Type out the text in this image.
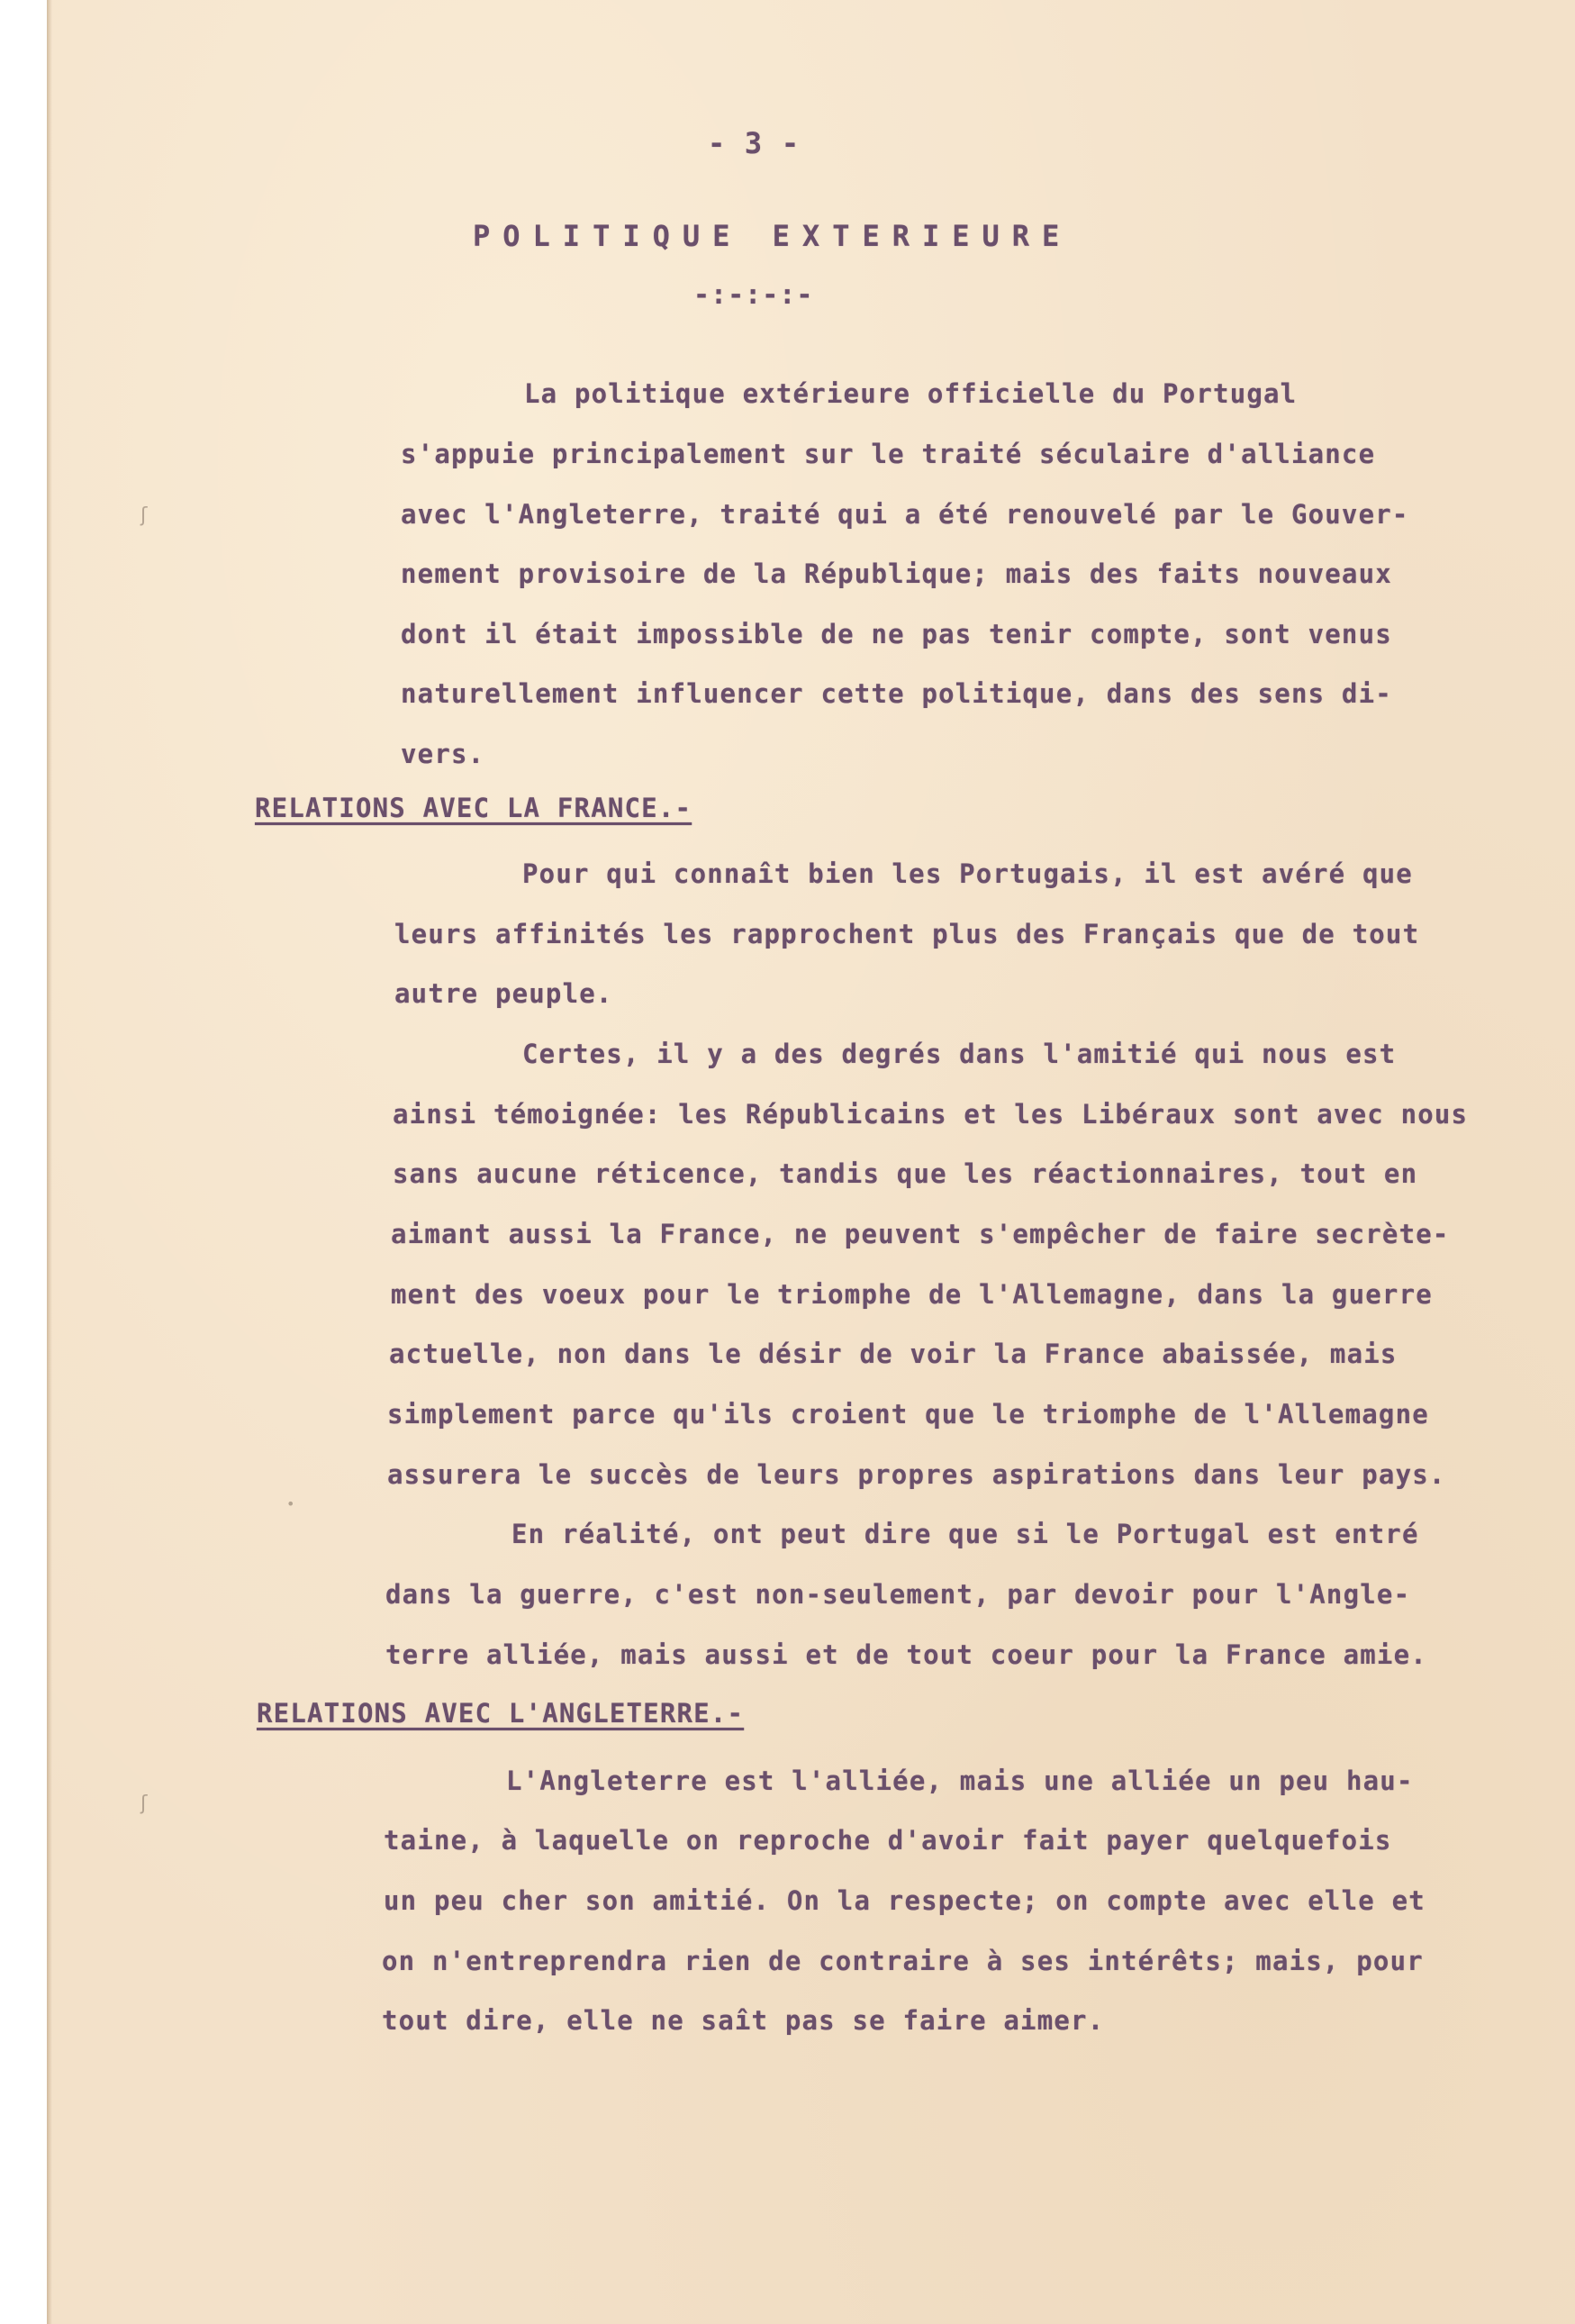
ʃ
•
ʃ
- 3 -
POLITIQUE EXTERIEURE
-:-:-:-
La politique extérieure officielle du Portugal
s'appuie principalement sur le traité séculaire d'alliance
avec l'Angleterre, traité qui a été renouvelé par le Gouver-
nement provisoire de la République; mais des faits nouveaux
dont il était impossible de ne pas tenir compte, sont venus
naturellement influencer cette politique, dans des sens di-
vers.
RELATIONS AVEC LA FRANCE.-
Pour qui connaît bien les Portugais, il est avéré que
leurs affinités les rapprochent plus des Français que de tout
autre peuple.
Certes, il y a des degrés dans l'amitié qui nous est
ainsi témoignée: les Républicains et les Libéraux sont avec nous
sans aucune réticence, tandis que les réactionnaires, tout en
aimant aussi la France, ne peuvent s'empêcher de faire secrète-
ment des voeux pour le triomphe de l'Allemagne, dans la guerre
actuelle, non dans le désir de voir la France abaissée, mais
simplement parce qu'ils croient que le triomphe de l'Allemagne
assurera le succès de leurs propres aspirations dans leur pays.
En réalité, ont peut dire que si le Portugal est entré
dans la guerre, c'est non-seulement, par devoir pour l'Angle-
terre alliée, mais aussi et de tout coeur pour la France amie.
RELATIONS AVEC L'ANGLETERRE.-
L'Angleterre est l'alliée, mais une alliée un peu hau-
taine, à laquelle on reproche d'avoir fait payer quelquefois
un peu cher son amitié. On la respecte; on compte avec elle et
on n'entreprendra rien de contraire à ses intérêts; mais, pour
tout dire, elle ne saît pas se faire aimer.
